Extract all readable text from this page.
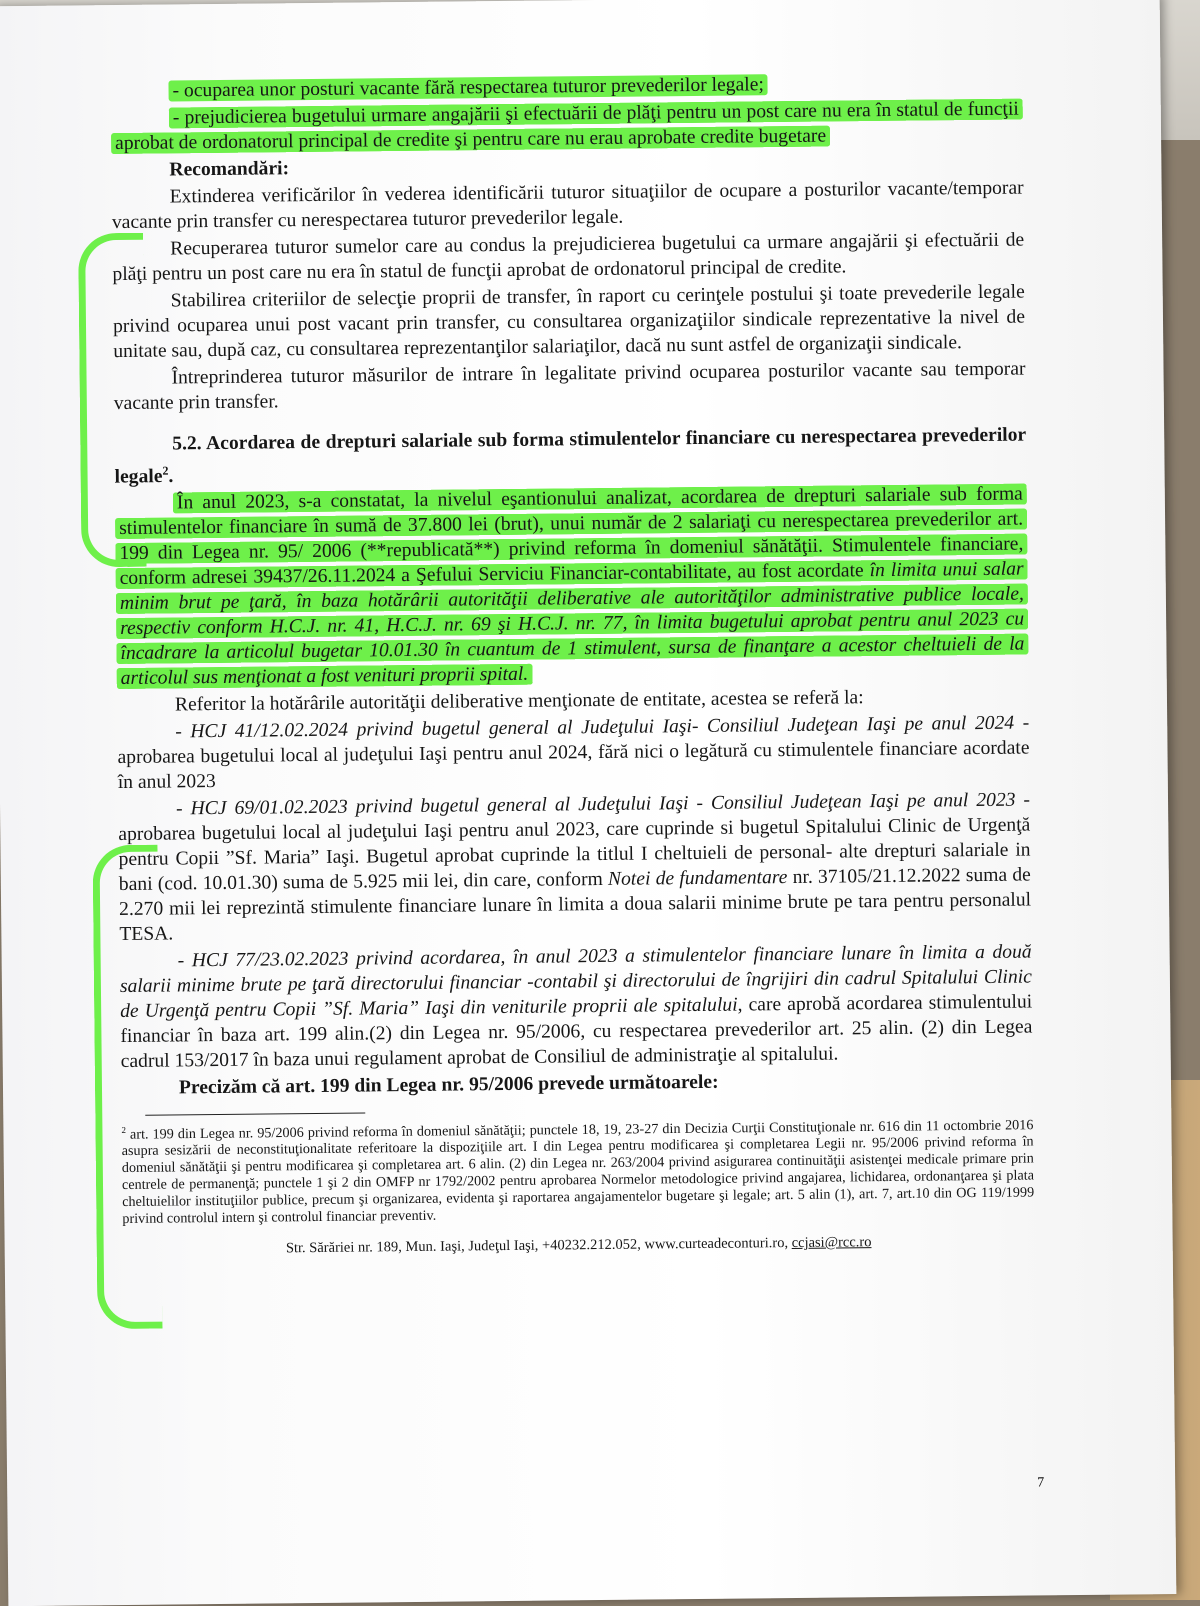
- ocuparea unor posturi vacante fără respectarea tuturor prevederilor legale;

- prejudicierea bugetului urmare angajării şi efectuării de plăţi pentru un post care nu era în statul de funcţii aprobat de ordonatorul principal de credite şi pentru care nu erau aprobate credite bugetare

Recomandări:

Extinderea verificărilor în vederea identificării tuturor situaţiilor de ocupare a posturilor vacante/temporar vacante prin transfer cu nerespectarea tuturor prevederilor legale.

Recuperarea tuturor sumelor care au condus la prejudicierea bugetului ca urmare angajării şi efectuării de plăţi pentru un post care nu era în statul de funcţii aprobat de ordonatorul principal de credite.

Stabilirea criteriilor de selecţie proprii de transfer, în raport cu cerinţele postului şi toate prevederile legale privind ocuparea unui post vacant prin transfer, cu consultarea organizaţiilor sindicale reprezentative la nivel de unitate sau, după caz, cu consultarea reprezentanţilor salariaţilor, dacă nu sunt astfel de organizaţii sindicale.

Întreprinderea tuturor măsurilor de intrare în legalitate privind ocuparea posturilor vacante sau temporar vacante prin transfer.

5.2. Acordarea de drepturi salariale sub forma stimulentelor financiare cu nerespectarea prevederilor legale$^2$.

În anul 2023, s-a constatat, la nivelul eşantionului analizat, acordarea de drepturi salariale sub forma stimulentelor financiare în sumă de 37.800 lei (brut), unui număr de 2 salariaţi cu nerespectarea prevederilor art. 199 din Legea nr. 95/ 2006 (**republicată**) privind reforma în domeniul sănătăţii. Stimulentele financiare, conform adresei 39437/26.11.2024 a Şefului Serviciu Financiar-contabilitate, au fost acordate în limita unui salar minim brut pe ţară, în baza hotărârii autorităţii deliberative ale autorităţilor administrative publice locale, respectiv conform H.C.J. nr. 41, H.C.J. nr. 69 şi H.C.J. nr. 77, în limita bugetului aprobat pentru anul 2023 cu încadrare la articolul bugetar 10.01.30 în cuantum de 1 stimulent, sursa de finanţare a acestor cheltuieli de la articolul sus menţionat a fost venituri proprii spital.

Referitor la hotărârile autorităţii deliberative menţionate de entitate, acestea se referă la:

- HCJ 41/12.02.2024 privind bugetul general al Judeţului Iaşi- Consiliul Judeţean Iaşi pe anul 2024 - aprobarea bugetului local al judeţului Iaşi pentru anul 2024, fără nici o legătură cu stimulentele financiare acordate în anul 2023

- HCJ 69/01.02.2023 privind bugetul general al Judeţului Iaşi - Consiliul Judeţean Iaşi pe anul 2023 - aprobarea bugetului local al judeţului Iaşi pentru anul 2023, care cuprinde si bugetul Spitalului Clinic de Urgenţă pentru Copii ”Sf. Maria” Iaşi. Bugetul aprobat cuprinde la titlul I cheltuieli de personal- alte drepturi salariale in bani (cod. 10.01.30) suma de 5.925 mii lei, din care, conform Notei de fundamentare nr. 37105/21.12.2022 suma de 2.270 mii lei reprezintă stimulente financiare lunare în limita a doua salarii minime brute pe tara pentru personalul TESA.

- HCJ 77/23.02.2023 privind acordarea, în anul 2023 a stimulentelor financiare lunare în limita a două salarii minime brute pe ţară directorului financiar -contabil şi directorului de îngrijiri din cadrul Spitalului Clinic de Urgenţă pentru Copii ”Sf. Maria” Iaşi din veniturile proprii ale spitalului, care aprobă acordarea stimulentului financiar în baza art. 199 alin.(2) din Legea nr. 95/2006, cu respectarea prevederilor art. 25 alin. (2) din Legea cadrul 153/2017 în baza unui regulament aprobat de Consiliul de administraţie al spitalului.

Precizăm că art. 199 din Legea nr. 95/2006 prevede următoarele:

$^2$ art. 199 din Legea nr. 95/2006 privind reforma în domeniul sănătăţii; punctele 18, 19, 23-27 din Decizia Curţii Constituţionale nr. 616 din 11 octombrie 2016 asupra sesizării de neconstituţionalitate referitoare la dispoziţiile art. I din Legea pentru modificarea şi completarea Legii nr. 95/2006 privind reforma în domeniul sănătăţii şi pentru modificarea şi completarea art. 6 alin. (2) din Legea nr. 263/2004 privind asigurarea continuităţii asistenţei medicale primare prin centrele de permanenţă; punctele 1 şi 2 din OMFP nr 1792/2002 pentru aprobarea Normelor metodologice privind angajarea, lichidarea, ordonanţarea şi plata cheltuielilor instituţiilor publice, precum şi organizarea, evidenta şi raportarea angajamentelor bugetare şi legale; art. 5 alin (1), art. 7, art.10 din OG 119/1999 privind controlul intern şi controlul financiar preventiv.

Str. Sărăriei nr. 189, Mun. Iaşi, Judeţul Iaşi, +40232.212.052, www.curteadeconturi.ro, ccjasi@rcc.ro
7
